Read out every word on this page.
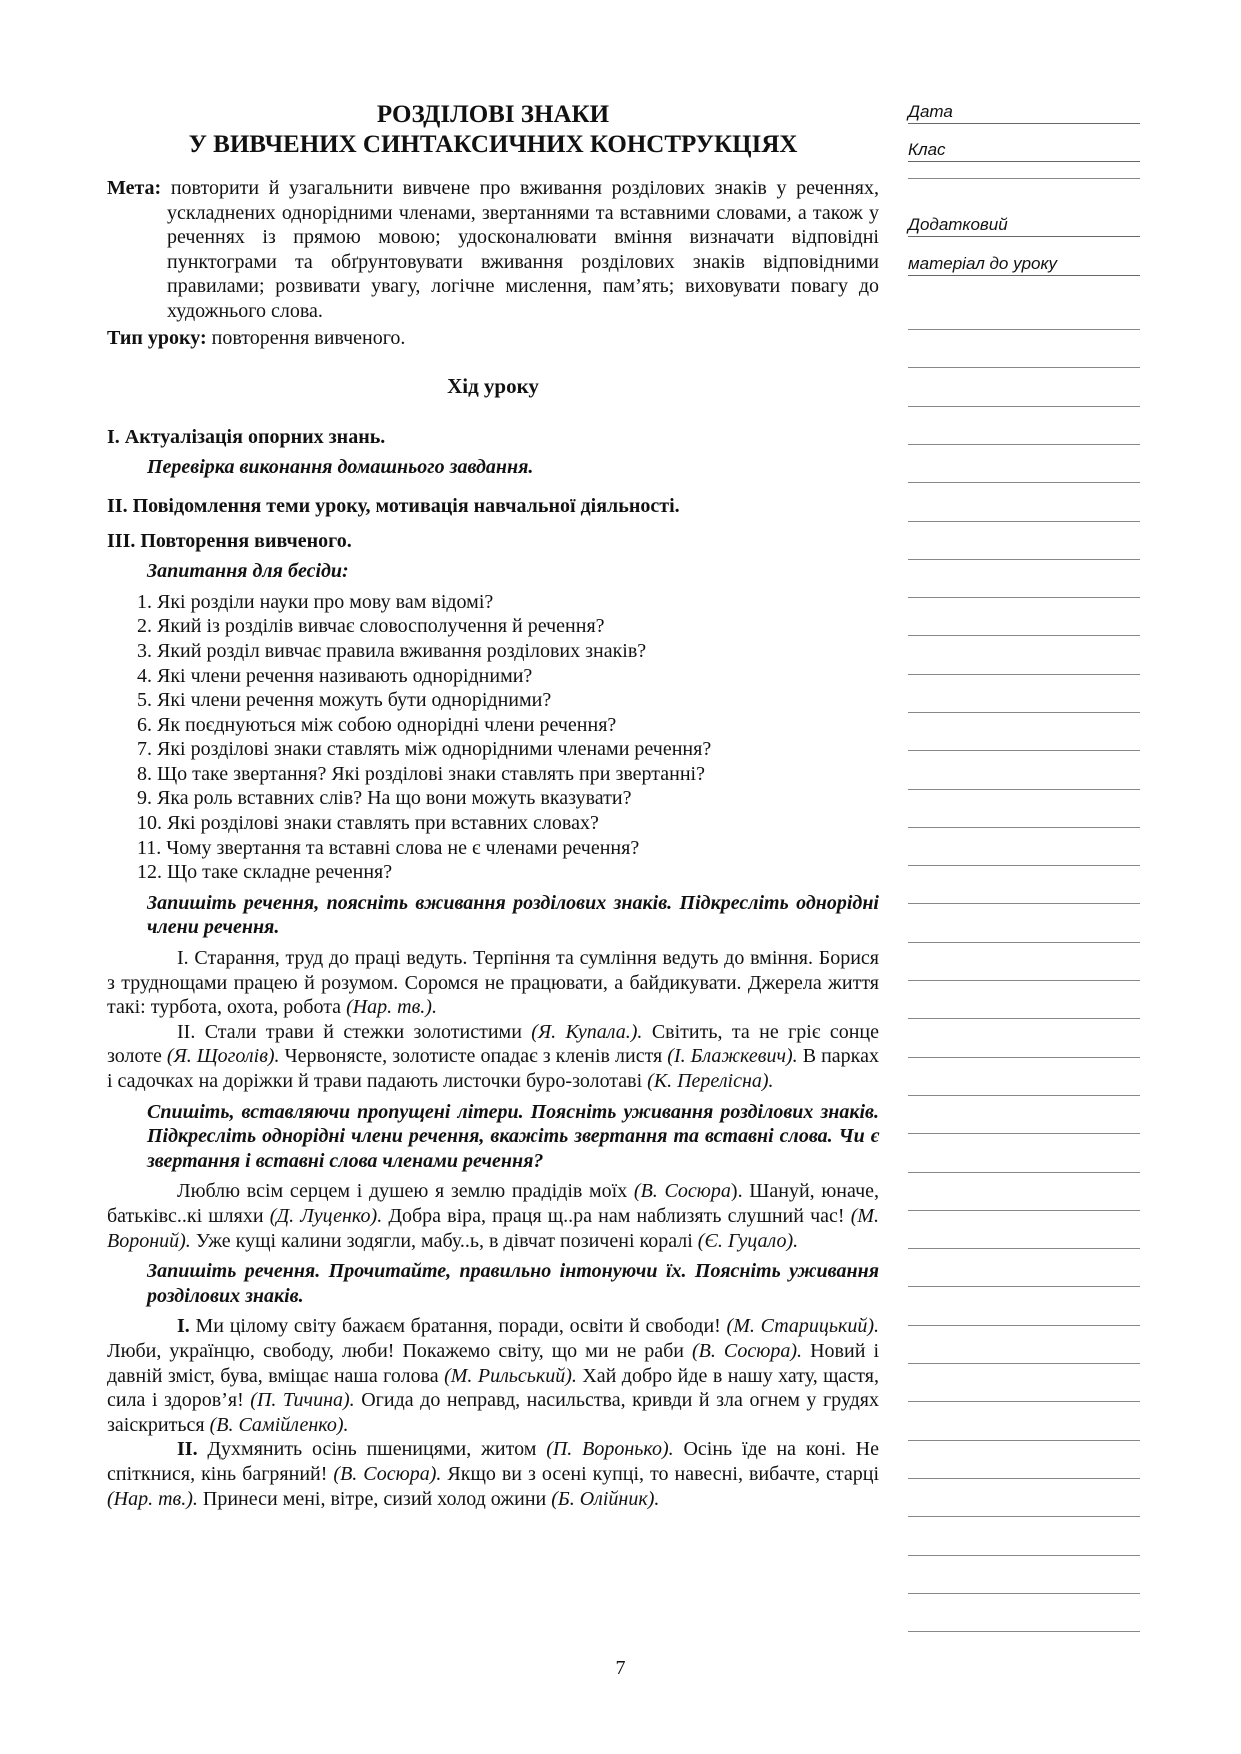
РОЗДІЛОВІ ЗНАКИ
У ВИВЧЕНИХ СИНТАКСИЧНИХ КОНСТРУКЦІЯХ
Мета: повторити й узагальнити вивчене про вживання розділових знаків у реченнях, ускладнених однорідними членами, звертаннями та вставними словами, а також у реченнях із прямою мовою; удосконалювати вміння визначати відповідні пунктограми та обґрунтовувати вживання розділових знаків відповідними правилами; розвивати увагу, логічне мислення, пам’ять; виховувати повагу до художнього слова.
Тип уроку: повторення вивченого.
Хід уроку
I. Актуалізація опорних знань.
Перевірка виконання домашнього завдання.
II. Повідомлення теми уроку, мотивація навчальної діяльності.
III. Повторення вивченого.
Запитання для бесіди:
1. Які розділи науки про мову вам відомі?
2. Який із розділів вивчає словосполучення й речення?
3. Який розділ вивчає правила вживання розділових знаків?
4. Які члени речення називають однорідними?
5. Які члени речення можуть бути однорідними?
6. Як поєднуються між собою однорідні члени речення?
7. Які розділові знаки ставлять між однорідними членами речення?
8. Що таке звертання? Які розділові знаки ставлять при звертанні?
9. Яка роль вставних слів? На що вони можуть вказувати?
10. Які розділові знаки ставлять при вставних словах?
11. Чому звертання та вставні слова не є членами речення?
12. Що таке складне речення?
Запишіть речення, поясніть вживання розділових знаків. Підкресліть однорідні члени речення.
I. Старання, труд до праці ведуть. Терпіння та сумління ведуть до вміння. Борися з труднощами працею й розумом. Соромся не працювати, а байдикувати. Джерела життя такі: турбота, охота, робота (Нар. тв.).
II. Стали трави й стежки золотистими (Я. Купала.). Світить, та не гріє сонце золоте (Я. Щоголів). Червонясте, золотисте опадає з кленів листя (І. Блажкевич). В парках і садочках на доріжки й трави падають листочки буро-золотаві (К. Перелісна).
Спишіть, вставляючи пропущені літери. Поясніть уживання розділових знаків. Підкресліть однорідні члени речення, вкажіть звертання та вставні слова. Чи є звертання і вставні слова членами речення?
Люблю всім серцем і душею я землю прадідів моїх (В. Сосюра). Шануй, юначе, батьківс..кі шляхи (Д. Луценко). Добра віра, праця щ..ра нам наблизять слушний час! (М. Вороний). Уже кущі калини зодягли, мабу..ь, в дівчат позичені коралі (Є. Гуцало).
Запишіть речення. Прочитайте, правильно інтонуючи їх. Поясніть уживання розділових знаків.
I. Ми цілому світу бажаєм братання, поради, освіти й свободи! (М. Старицький). Люби, українцю, свободу, люби! Покажемо світу, що ми не раби (В. Сосюра). Новий і давній зміст, бува, вміщає наша голова (М. Рильський). Хай добро йде в нашу хату, щастя, сила і здоров’я! (П. Тичина). Огида до неправд, насильства, кривди й зла огнем у грудях заіскриться (В. Самійленко).
II. Духмянить осінь пшеницями, житом (П. Воронько). Осінь їде на коні. Не спіткнися, кінь багряний! (В. Сосюра). Якщо ви з осені купці, то навесні, вибачте, старці (Нар. тв.). Принеси мені, вітре, сизий холод ожини (Б. Олійник).
7
Дата
Клас
Додатковий
матеріал до уроку
